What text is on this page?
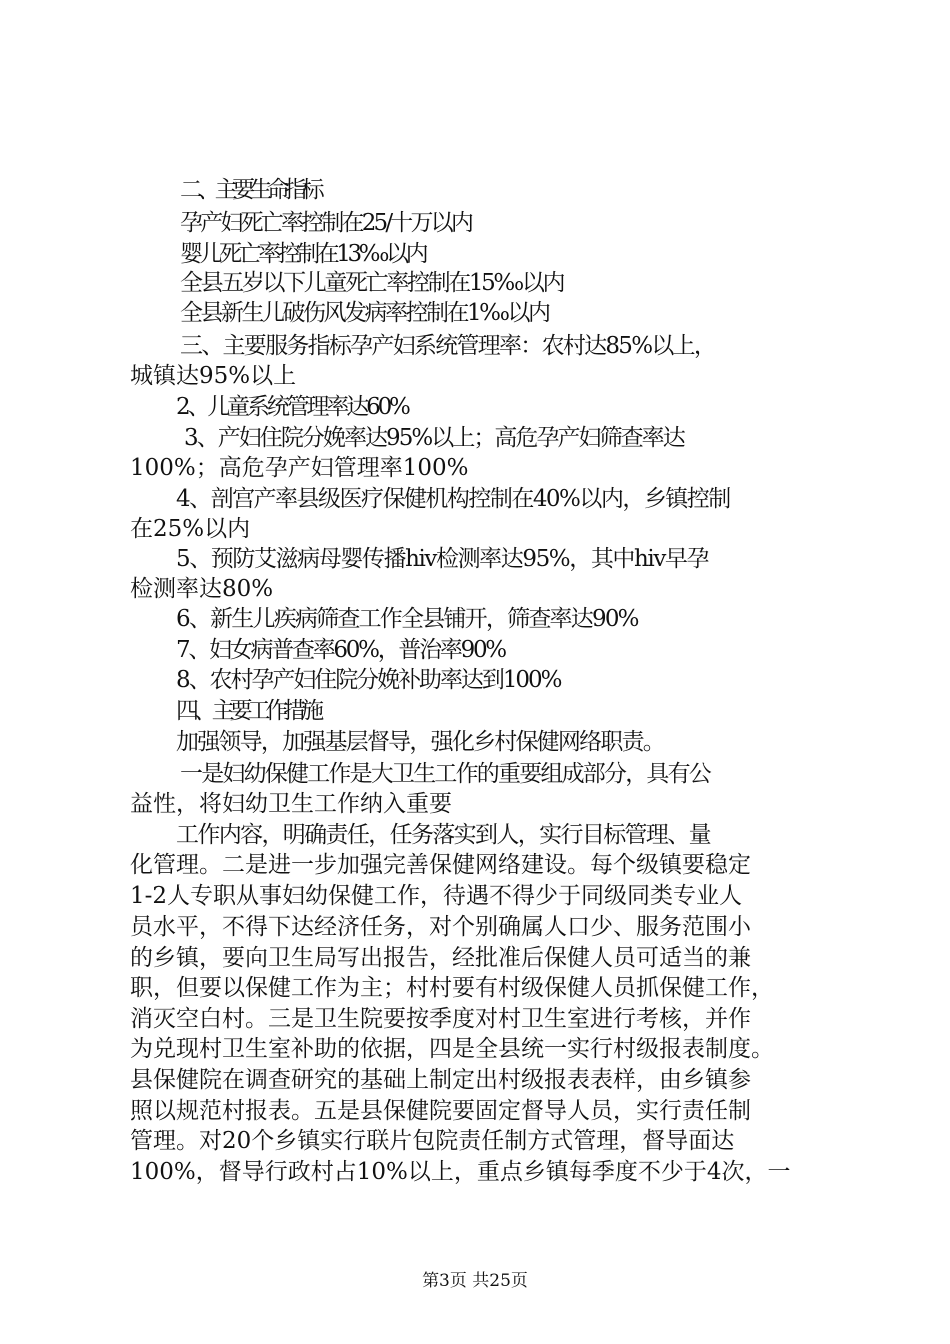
二、主要生命指标
孕产妇死亡率控制在25/十万以内
婴儿死亡率控制在13‰以内
全县五岁以下儿童死亡率控制在15‰以内
全县新生儿破伤风发病率控制在1‰以内
三、主要服务指标孕产妇系统管理率：农村达85%以上，
城镇达95%以上
2、儿童系统管理率达60%
3、产妇住院分娩率达95%以上；高危孕产妇筛查率达
100%；高危孕产妇管理率100%
4、剖宫产率县级医疗保健机构控制在40%以内，乡镇控制
在25%以内
5、预防艾滋病母婴传播hiv检测率达95%，其中hiv早孕
检测率达80%
6、新生儿疾病筛查工作全县铺开，筛查率达90%
7、妇女病普查率60%，普治率90%
8、农村孕产妇住院分娩补助率达到100%
四、主要工作措施
加强领导，加强基层督导，强化乡村保健网络职责。
一是妇幼保健工作是大卫生工作的重要组成部分，具有公
益性，将妇幼卫生工作纳入重要
工作内容，明确责任，任务落实到人，实行目标管理、量
化管理。二是进一步加强完善保健网络建设。每个级镇要稳定
1-2人专职从事妇幼保健工作，待遇不得少于同级同类专业人
员水平，不得下达经济任务，对个别确属人口少、服务范围小
的乡镇，要向卫生局写出报告，经批准后保健人员可适当的兼
职，但要以保健工作为主；村村要有村级保健人员抓保健工作，
消灭空白村。三是卫生院要按季度对村卫生室进行考核，并作
为兑现村卫生室补助的依据，四是全县统一实行村级报表制度。
县保健院在调查研究的基础上制定出村级报表表样，由乡镇参
照以规范村报表。五是县保健院要固定督导人员，实行责任制
管理。对20个乡镇实行联片包院责任制方式管理，督导面达
100%，督导行政村占10%以上，重点乡镇每季度不少于4次，一
第3页 共25页
